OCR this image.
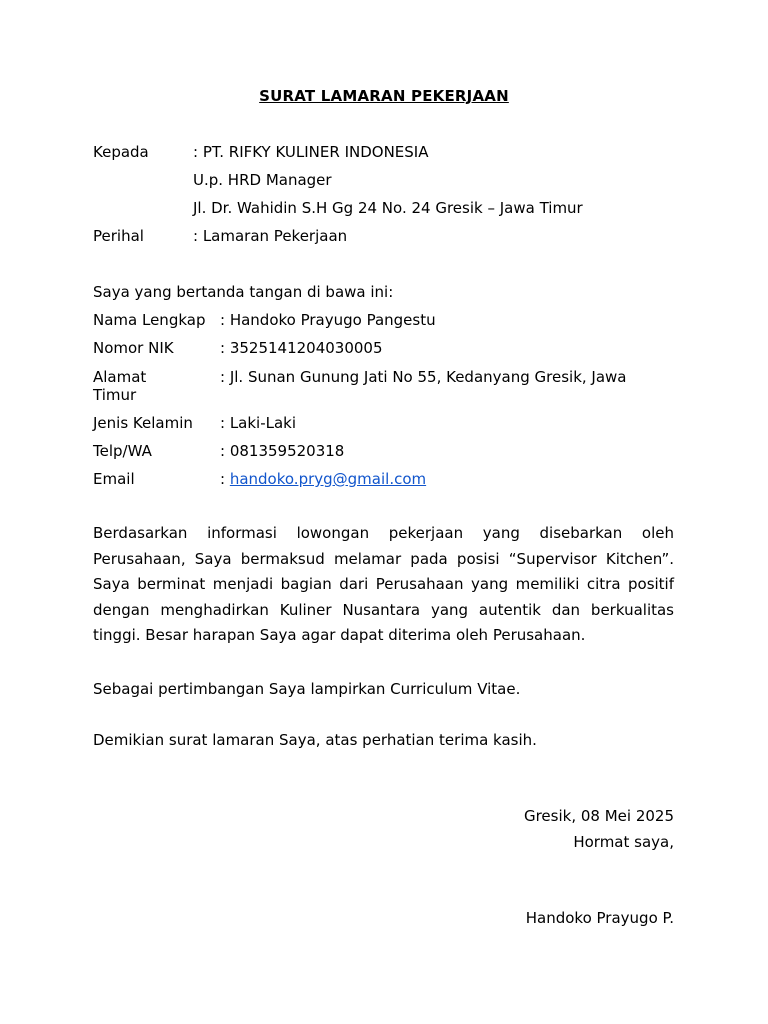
SURAT LAMARAN PEKERJAAN
Kepada	: PT. RIFKY KULINER INDONESIA
U.p. HRD Manager
Jl. Dr. Wahidin S.H Gg 24 No. 24 Gresik – Jawa Timur
Perihal	: Lamaran Pekerjaan
Saya yang bertanda tangan di bawa ini:
Nama Lengkap : Handoko Prayugo Pangestu
Nomor NIK	: 3525141204030005
Alamat	: Jl. Sunan Gunung Jati No 55, Kedanyang Gresik, Jawa
Timur
Jenis Kelamin : Laki-Laki
Telp/WA	: 081359520318
Email	: handoko.pryg@gmail.com
Berdasarkan informasi lowongan pekerjaan yang disebarkan oleh Perusahaan, Saya bermaksud melamar pada posisi “Supervisor Kitchen”. Saya berminat menjadi bagian dari Perusahaan yang memiliki citra positif dengan menghadirkan Kuliner Nusantara yang autentik dan berkualitas tinggi. Besar harapan Saya agar dapat diterima oleh Perusahaan.
Sebagai pertimbangan Saya lampirkan Curriculum Vitae.
Demikian surat lamaran Saya, atas perhatian terima kasih.
Gresik, 08 Mei 2025
Hormat saya,
Handoko Prayugo P.
